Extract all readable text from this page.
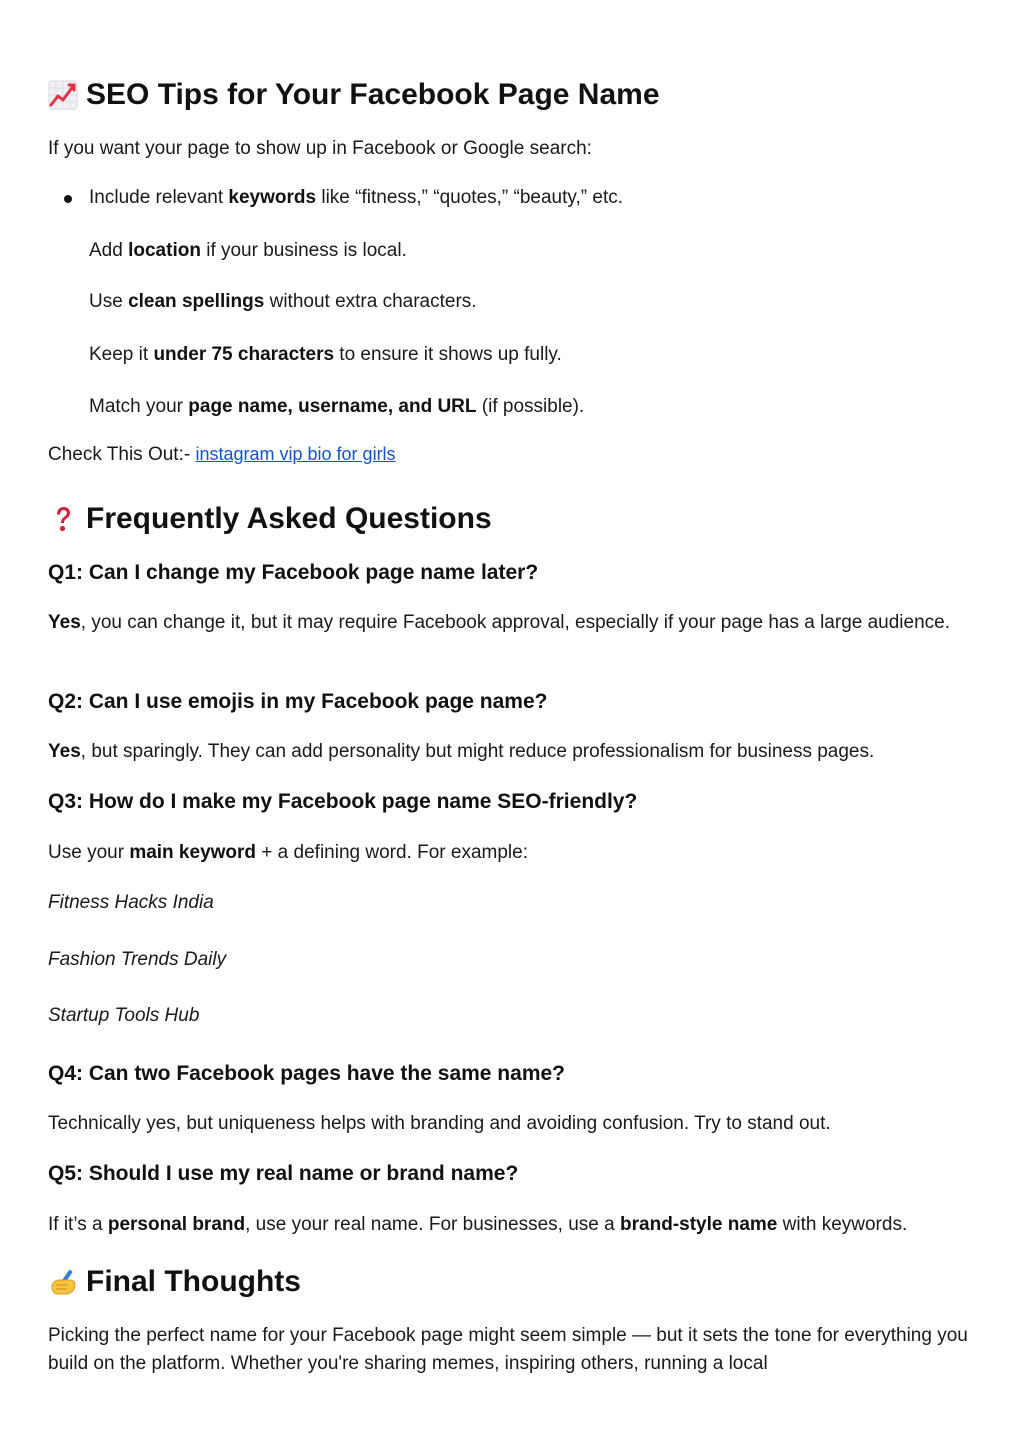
SEO Tips for Your Facebook Page Name
If you want your page to show up in Facebook or Google search:
Include relevant keywords like “fitness,” “quotes,” “beauty,” etc.
Add location if your business is local.
Use clean spellings without extra characters.
Keep it under 75 characters to ensure it shows up fully.
Match your page name, username, and URL (if possible).
Check This Out:- instagram vip bio for girls
Frequently Asked Questions
Q1: Can I change my Facebook page name later?
Yes, you can change it, but it may require Facebook approval, especially if your page has a large audience.
Q2: Can I use emojis in my Facebook page name?
Yes, but sparingly. They can add personality but might reduce professionalism for business pages.
Q3: How do I make my Facebook page name SEO-friendly?
Use your main keyword + a defining word. For example:
Fitness Hacks India
Fashion Trends Daily
Startup Tools Hub
Q4: Can two Facebook pages have the same name?
Technically yes, but uniqueness helps with branding and avoiding confusion. Try to stand out.
Q5: Should I use my real name or brand name?
If it’s a personal brand, use your real name. For businesses, use a brand-style name with keywords.
Final Thoughts
Picking the perfect name for your Facebook page might seem simple — but it sets the tone for everything you build on the platform. Whether you're sharing memes, inspiring others, running a local
